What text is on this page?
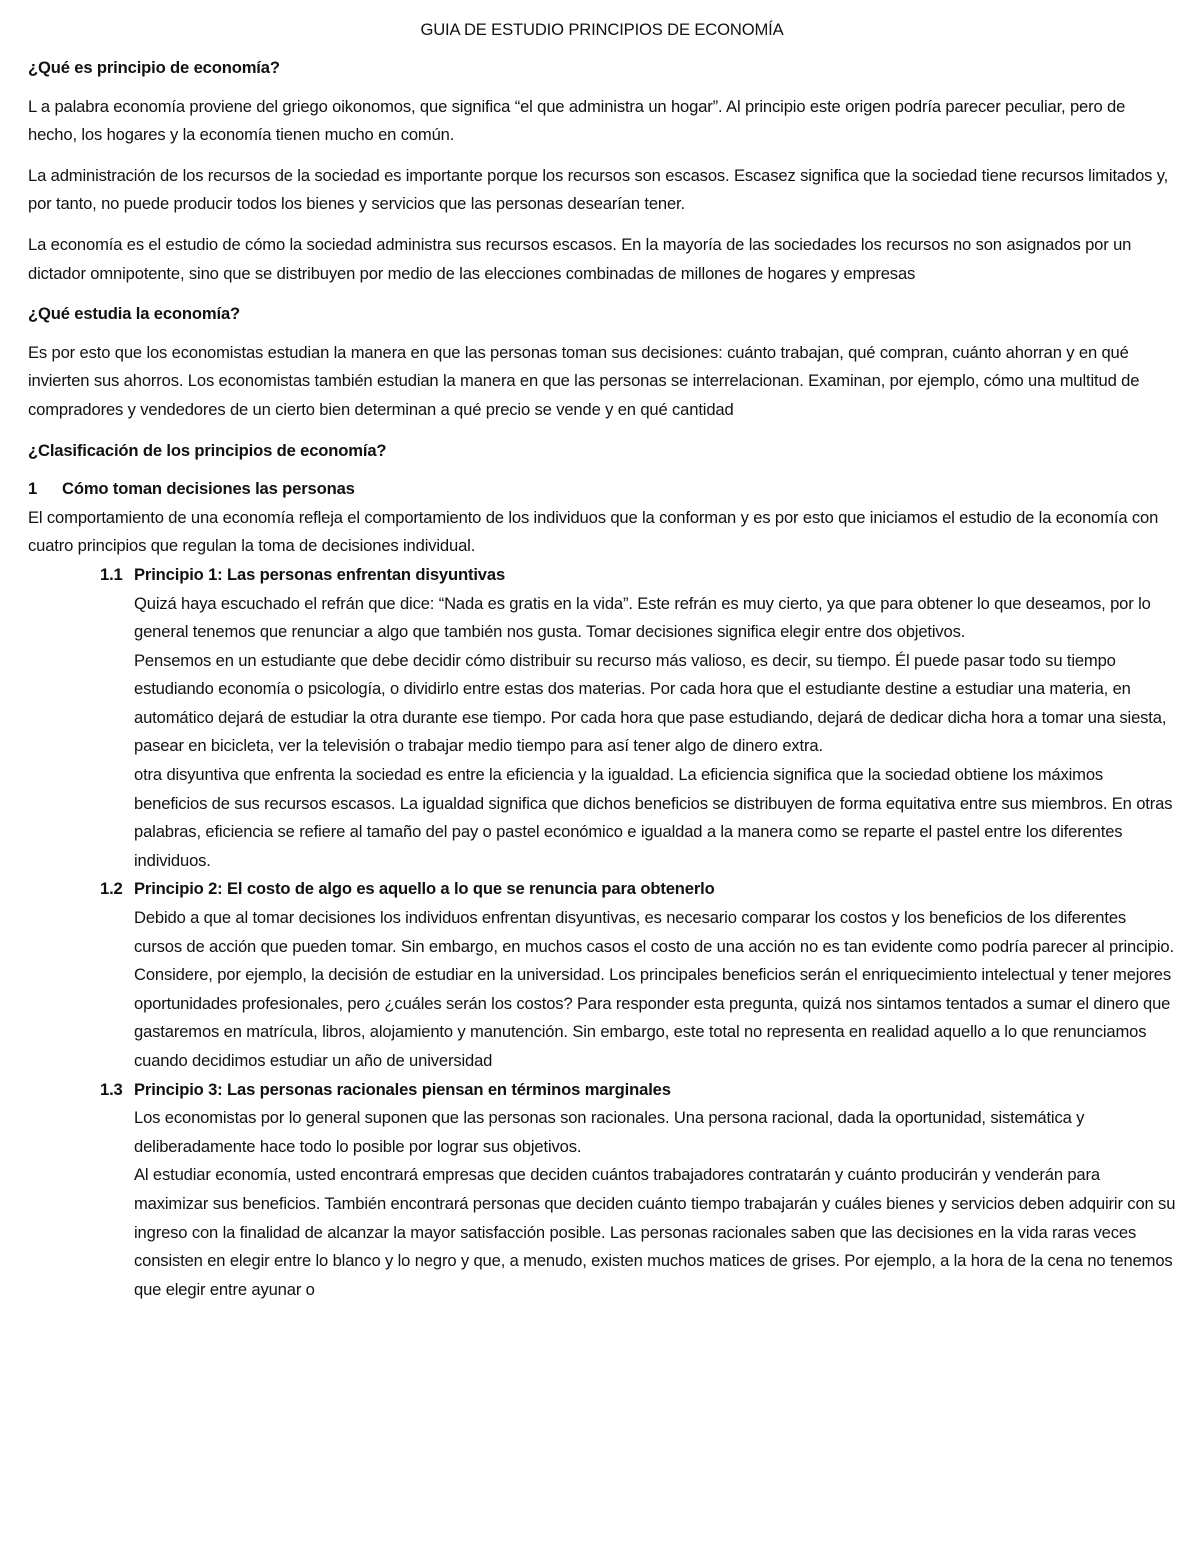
GUIA DE ESTUDIO PRINCIPIOS DE ECONOMÍA
¿Qué es principio de economía?

L a palabra economía proviene del griego oikonomos, que significa “el que administra un hogar”. Al principio este origen podría parecer peculiar, pero de hecho, los hogares y la economía tienen mucho en común.

La administración de los recursos de la sociedad es importante porque los recursos son escasos. Escasez significa que la sociedad tiene recursos limitados y, por tanto, no puede producir todos los bienes y servicios que las personas desearían tener.

La economía es el estudio de cómo la sociedad administra sus recursos escasos. En la mayoría de las sociedades los recursos no son asignados por un dictador omnipotente, sino que se distribuyen por medio de las elecciones combinadas de millones de hogares y empresas

¿Qué estudia la economía?

Es por esto que los economistas estudian la manera en que las personas toman sus decisiones: cuánto trabajan, qué compran, cuánto ahorran y en qué invierten sus ahorros. Los economistas también estudian la manera en que las personas se interrelacionan. Examinan, por ejemplo, cómo una multitud de compradores y vendedores de un cierto bien determinan a qué precio se vende y en qué cantidad

¿Clasificación de los principios de economía?
1	Cómo toman decisiones las personas
El comportamiento de una economía refleja el comportamiento de los individuos que la conforman y es por esto que iniciamos el estudio de la economía con cuatro principios que regulan la toma de decisiones individual.
1.1 Principio 1: Las personas enfrentan disyuntivas

Quizá haya escuchado el refrán que dice: “Nada es gratis en la vida”. Este refrán es muy cierto, ya que para obtener lo que deseamos, por lo general tenemos que renunciar a algo que también nos gusta. Tomar decisiones significa elegir entre dos objetivos.

Pensemos en un estudiante que debe decidir cómo distribuir su recurso más valioso, es decir, su tiempo. Él puede pasar todo su tiempo estudiando economía o psicología, o dividirlo entre estas dos materias. Por cada hora que el estudiante destine a estudiar una materia, en automático dejará de estudiar la otra durante ese tiempo. Por cada hora que pase estudiando, dejará de dedicar dicha hora a tomar una siesta, pasear en bicicleta, ver la televisión o trabajar medio tiempo para así tener algo de dinero extra.

otra disyuntiva que enfrenta la sociedad es entre la eficiencia y la igualdad. La eficiencia significa que la sociedad obtiene los máximos beneficios de sus recursos escasos. La igualdad significa que dichos beneficios se distribuyen de forma equitativa entre sus miembros. En otras palabras, eficiencia se refiere al tamaño del pay o pastel económico e igualdad a la manera como se reparte el pastel entre los diferentes individuos.

1.2 Principio 2: El costo de algo es aquello a lo que se renuncia para obtenerlo

Debido a que al tomar decisiones los individuos enfrentan disyuntivas, es necesario comparar los costos y los beneficios de los diferentes cursos de acción que pueden tomar. Sin embargo, en muchos casos el costo de una acción no es tan evidente como podría parecer al principio.

Considere, por ejemplo, la decisión de estudiar en la universidad. Los principales beneficios serán el enriquecimiento intelectual y tener mejores oportunidades profesionales, pero ¿cuáles serán los costos? Para responder esta pregunta, quizá nos sintamos tentados a sumar el dinero que gastaremos en matrícula, libros, alojamiento y manutención. Sin embargo, este total no representa en realidad aquello a lo que renunciamos cuando decidimos estudiar un año de universidad

1.3 Principio 3: Las personas racionales piensan en términos marginales

Los economistas por lo general suponen que las personas son racionales. Una persona racional, dada la oportunidad, sistemática y deliberadamente hace todo lo posible por lograr sus objetivos.

Al estudiar economía, usted encontrará empresas que deciden cuántos trabajadores contratarán y cuánto producirán y venderán para maximizar sus beneficios. También encontrará personas que deciden cuánto tiempo trabajarán y cuáles bienes y servicios deben adquirir con su ingreso con la finalidad de alcanzar la mayor satisfacción posible. Las personas racionales saben que las decisiones en la vida raras veces consisten en elegir entre lo blanco y lo negro y que, a menudo, existen muchos matices de grises. Por ejemplo, a la hora de la cena no tenemos que elegir entre ayunar o
